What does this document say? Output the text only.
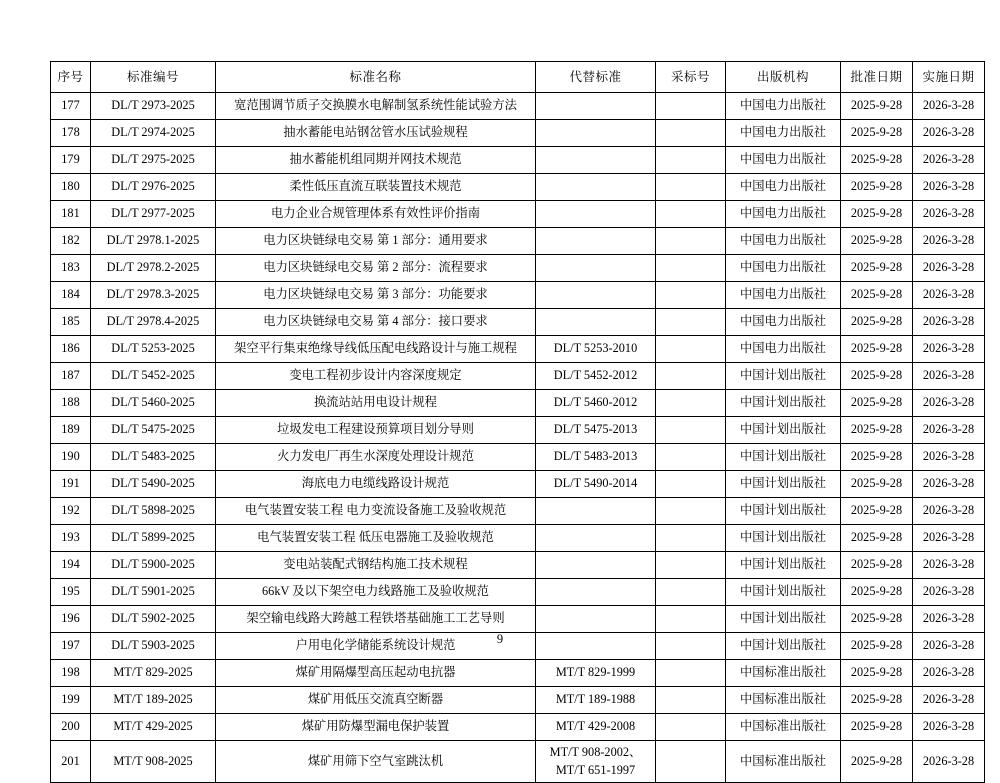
序号	标准编号	标准名称	代替标准	采标号	出版机构	批准日期	实施日期
177	DL/T 2973-2025	宽范围调节质子交换膜水电解制氢系统性能试验方法			中国电力出版社	2025-9-28	2026-3-28
178	DL/T 2974-2025	抽水蓄能电站钢岔管水压试验规程			中国电力出版社	2025-9-28	2026-3-28
179	DL/T 2975-2025	抽水蓄能机组同期并网技术规范			中国电力出版社	2025-9-28	2026-3-28
180	DL/T 2976-2025	柔性低压直流互联装置技术规范			中国电力出版社	2025-9-28	2026-3-28
181	DL/T 2977-2025	电力企业合规管理体系有效性评价指南			中国电力出版社	2025-9-28	2026-3-28
182	DL/T 2978.1-2025	电力区块链绿电交易 第 1 部分：通用要求			中国电力出版社	2025-9-28	2026-3-28
183	DL/T 2978.2-2025	电力区块链绿电交易 第 2 部分：流程要求			中国电力出版社	2025-9-28	2026-3-28
184	DL/T 2978.3-2025	电力区块链绿电交易 第 3 部分：功能要求			中国电力出版社	2025-9-28	2026-3-28
185	DL/T 2978.4-2025	电力区块链绿电交易 第 4 部分：接口要求			中国电力出版社	2025-9-28	2026-3-28
186	DL/T 5253-2025	架空平行集束绝缘导线低压配电线路设计与施工规程	DL/T 5253-2010		中国电力出版社	2025-9-28	2026-3-28
187	DL/T 5452-2025	变电工程初步设计内容深度规定	DL/T 5452-2012		中国计划出版社	2025-9-28	2026-3-28
188	DL/T 5460-2025	换流站站用电设计规程	DL/T 5460-2012		中国计划出版社	2025-9-28	2026-3-28
189	DL/T 5475-2025	垃圾发电工程建设预算项目划分导则	DL/T 5475-2013		中国计划出版社	2025-9-28	2026-3-28
190	DL/T 5483-2025	火力发电厂再生水深度处理设计规范	DL/T 5483-2013		中国计划出版社	2025-9-28	2026-3-28
191	DL/T 5490-2025	海底电力电缆线路设计规范	DL/T 5490-2014		中国计划出版社	2025-9-28	2026-3-28
192	DL/T 5898-2025	电气装置安装工程 电力变流设备施工及验收规范			中国计划出版社	2025-9-28	2026-3-28
193	DL/T 5899-2025	电气装置安装工程 低压电器施工及验收规范			中国计划出版社	2025-9-28	2026-3-28
194	DL/T 5900-2025	变电站装配式钢结构施工技术规程			中国计划出版社	2025-9-28	2026-3-28
195	DL/T 5901-2025	66kV 及以下架空电力线路施工及验收规范			中国计划出版社	2025-9-28	2026-3-28
196	DL/T 5902-2025	架空输电线路大跨越工程铁塔基础施工工艺导则			中国计划出版社	2025-9-28	2026-3-28
197	DL/T 5903-2025	户用电化学储能系统设计规范			中国计划出版社	2025-9-28	2026-3-28
198	MT/T 829-2025	煤矿用隔爆型高压起动电抗器	MT/T 829-1999		中国标准出版社	2025-9-28	2026-3-28
199	MT/T 189-2025	煤矿用低压交流真空断器	MT/T 189-1988		中国标准出版社	2025-9-28	2026-3-28
200	MT/T 429-2025	煤矿用防爆型漏电保护装置	MT/T 429-2008		中国标准出版社	2025-9-28	2026-3-28
201	MT/T 908-2025	煤矿用筛下空气室跳汰机	MT/T 908-2002、
MT/T 651-1997		中国标准出版社	2025-9-28	2026-3-28
9
